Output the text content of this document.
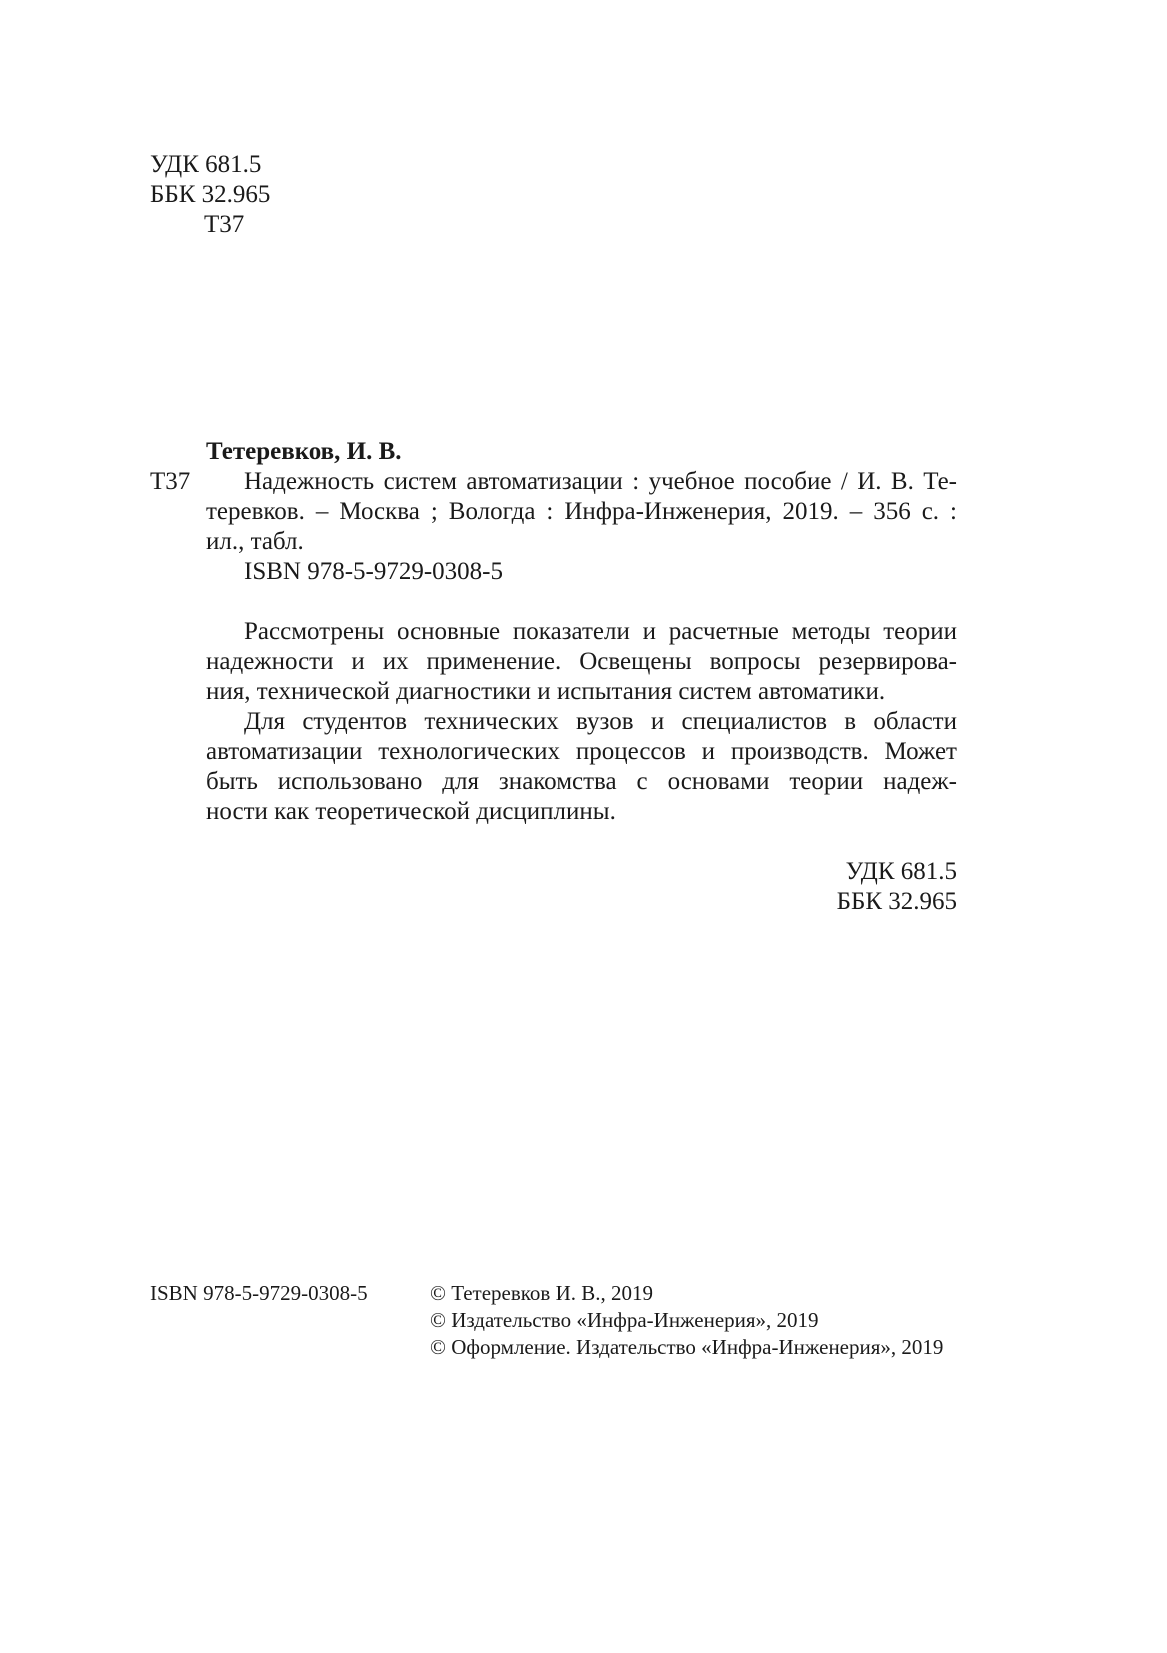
УДК 681.5
ББК 32.965
Т37
Тетеревков, И. В.
Т37 Надежность систем автоматизации : учебное пособие / И. В. Те-
теревков. – Москва ; Вологда : Инфра-Инженерия, 2019. – 356 с. :
ил., табл.
ISBN 978-5-9729-0308-5
Рассмотрены основные показатели и расчетные методы теории
надежности и их применение. Освещены вопросы резервирова-
ния, технической диагностики и испытания систем автоматики.
Для студентов технических вузов и специалистов в области
автоматизации технологических процессов и производств. Может
быть использовано для знакомства с основами теории надеж-
ности как теоретической дисциплины.
УДК 681.5
ББК 32.965
ISBN 978-5-9729-0308-5	© Тетеревков И. В., 2019
© Издательство «Инфра-Инженерия», 2019
© Оформление. Издательство «Инфра-Инженерия», 2019
